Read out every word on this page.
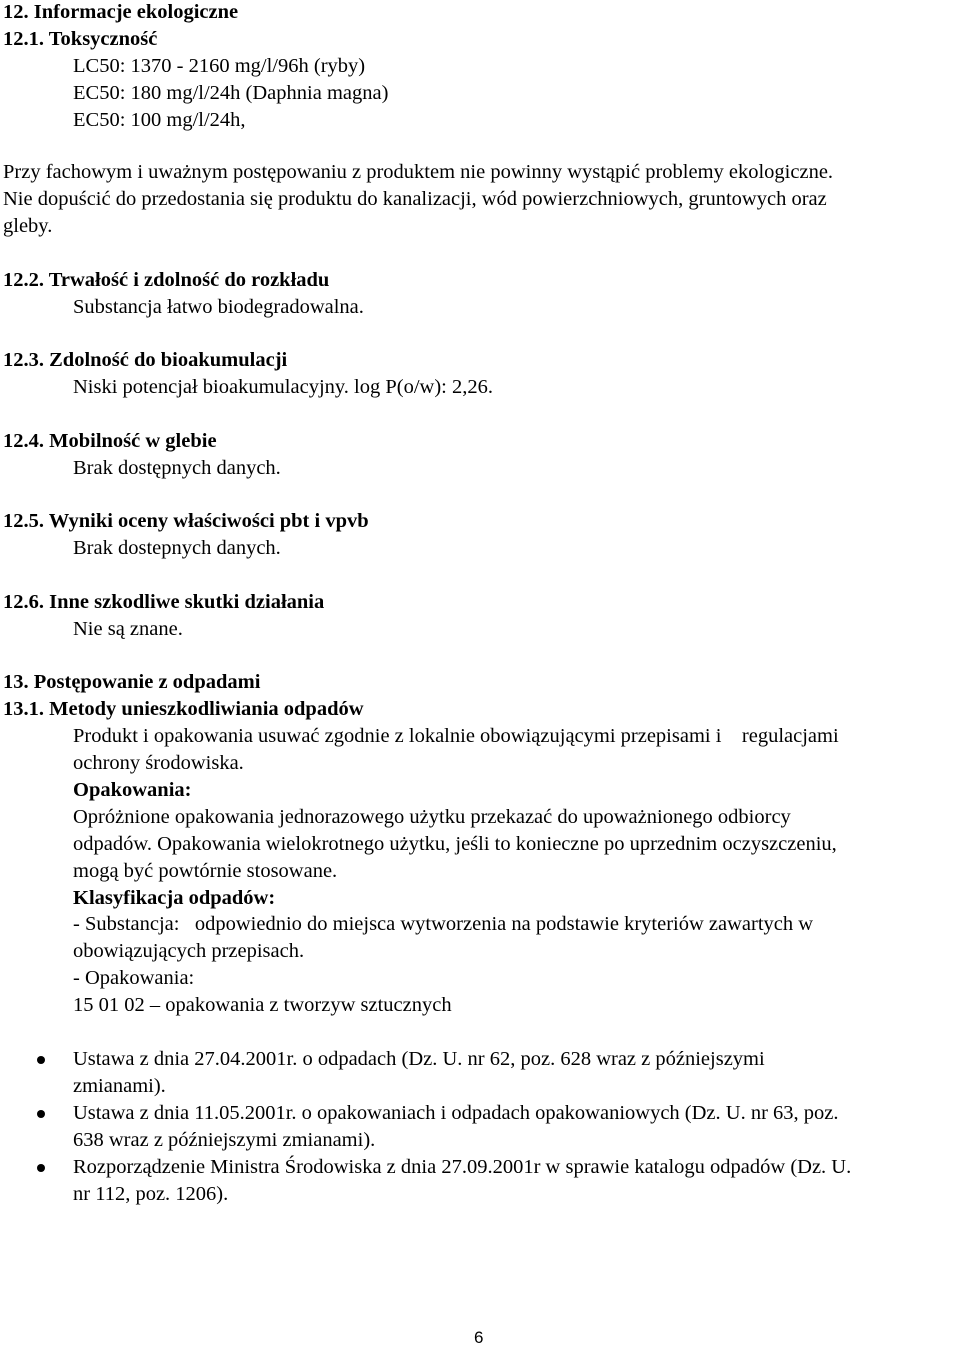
12. Informacje ekologiczne
12.1. Toksyczność
LC50: 1370 - 2160 mg/l/96h (ryby)
EC50: 180 mg/l/24h (Daphnia magna)
EC50: 100 mg/l/24h,
Przy fachowym i uważnym postępowaniu z produktem nie powinny wystąpić problemy ekologiczne.
Nie dopuścić do przedostania się produktu do kanalizacji, wód powierzchniowych, gruntowych oraz
gleby.
12.2. Trwałość i zdolność do rozkładu
Substancja łatwo biodegradowalna.
12.3. Zdolność do bioakumulacji
Niski potencjał bioakumulacyjny. log P(o/w): 2,26.
12.4. Mobilność w glebie
Brak dostępnych danych.
12.5. Wyniki oceny właściwości pbt i vpvb
Brak dostepnych danych.
12.6. Inne szkodliwe skutki działania
Nie są znane.
13. Postępowanie z odpadami
13.1. Metody unieszkodliwiania odpadów
Produkt i opakowania usuwać zgodnie z lokalnie obowiązującymi przepisami i    regulacjami
ochrony środowiska.
Opakowania:
Opróżnione opakowania jednorazowego użytku przekazać do upoważnionego odbiorcy
odpadów. Opakowania wielokrotnego użytku, jeśli to konieczne po uprzednim oczyszczeniu,
mogą być powtórnie stosowane.
Klasyfikacja odpadów:
- Substancja:   odpowiednio do miejsca wytworzenia na podstawie kryteriów zawartych w
obowiązujących przepisach.
- Opakowania:
15 01 02 – opakowania z tworzyw sztucznych
Ustawa z dnia 27.04.2001r. o odpadach (Dz. U. nr 62, poz. 628 wraz z późniejszymi
zmianami).
Ustawa z dnia 11.05.2001r. o opakowaniach i odpadach opakowaniowych (Dz. U. nr 63, poz.
638 wraz z późniejszymi zmianami).
Rozporządzenie Ministra Środowiska z dnia 27.09.2001r w sprawie katalogu odpadów (Dz. U.
nr 112, poz. 1206).
6
